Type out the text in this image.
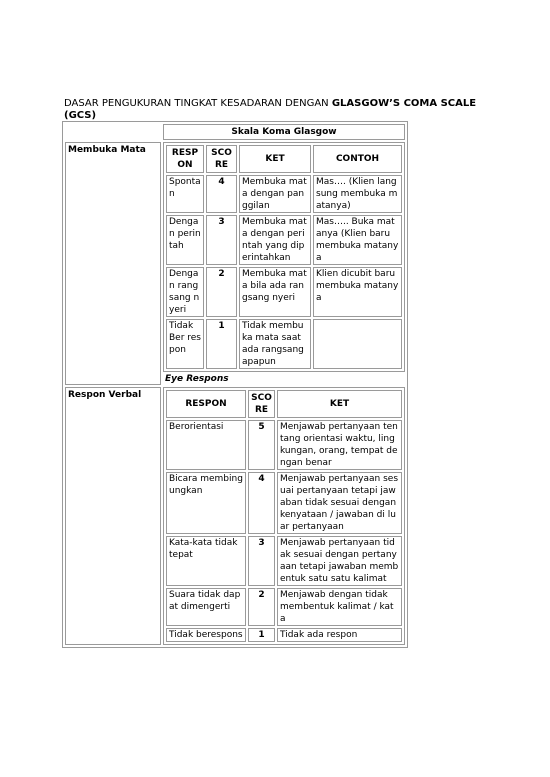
DASAR PENGUKURAN TINGKAT KESADARAN DENGAN GLASGOW’S COMA SCALE (GCS)
	Skala Koma Glasgow
Membuka Mata		RESPON	SCORE	KET	CONTOH
Spontan	4	Membuka mata dengan panggilan	Mas…. (Klien langsung membuka matanya)
Dengan perintah	3	Membuka mata dengan perintah yang diperintahkan	Mas….. Buka matanya (Klien baru membuka matanya
Dengan rangsang nyeri	2	Membuka mata bila ada rangsang nyeri	Klien dicubit baru membuka matanya
Tidak Ber respon	1	Tidak membuka mata saat ada rangsang apapun	
Eye Respons

Respon Verbal	
RESPON	SCORE	KET
Berorientasi	5	Menjawab pertanyaan tentang orientasi waktu, lingkungan, orang, tempat dengan benar
Bicara membingungkan	4	Menjawab pertanyaan sesuai pertanyaan tetapi jawaban tidak sesuai dengan kenyataan / jawaban di luar pertanyaan
Kata-kata tidak tepat	3	Menjawab pertanyaan tidak sesuai dengan pertanyaan tetapi jawaban membentuk satu satu kalimat
Suara tidak dapat dimengerti	2	Menjawab dengan tidak membentuk kalimat / kata
Tidak berespons	1	Tidak ada respon
